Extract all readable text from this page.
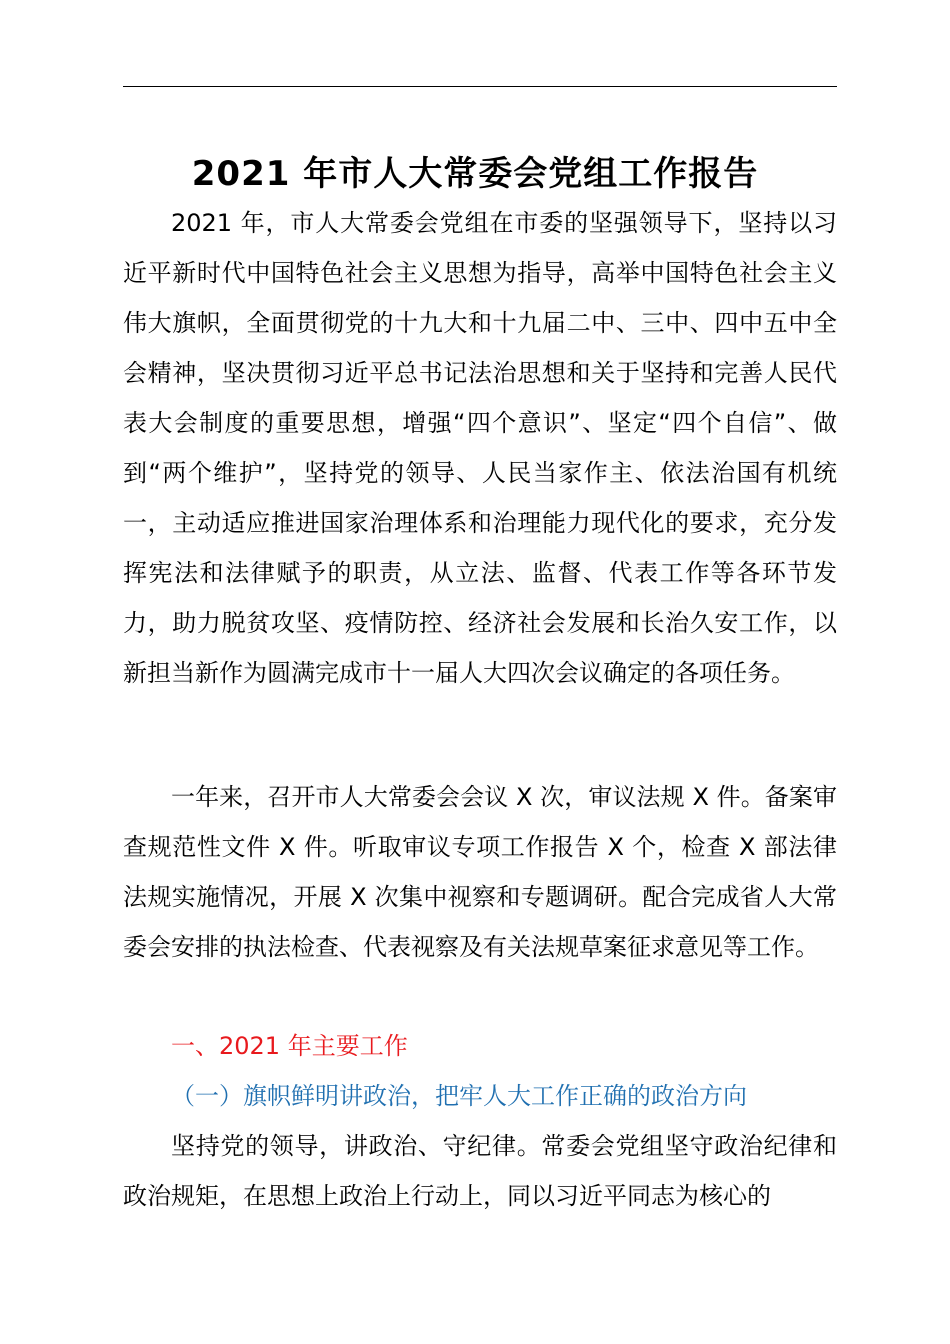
2021 年市人大常委会党组工作报告

2021 年，市人大常委会党组在市委的坚强领导下，坚持以习近平新时代中国特色社会主义思想为指导，高举中国特色社会主义伟大旗帜，全面贯彻党的十九大和十九届二中、三中、四中五中全会精神，坚决贯彻习近平总书记法治思想和关于坚持和完善人民代表大会制度的重要思想，增强“四个意识”、坚定“四个自信”、做到“两个维护”，坚持党的领导、人民当家作主、依法治国有机统一，主动适应推进国家治理体系和治理能力现代化的要求，充分发挥宪法和法律赋予的职责，从立法、监督、代表工作等各环节发力，助力脱贫攻坚、疫情防控、经济社会发展和长治久安工作，以新担当新作为圆满完成市十一届人大四次会议确定的各项任务。

一年来，召开市人大常委会会议 X 次，审议法规 X 件。备案审查规范性文件 X 件。听取审议专项工作报告 X 个，检查 X 部法律法规实施情况，开展 X 次集中视察和专题调研。配合完成省人大常委会安排的执法检查、代表视察及有关法规草案征求意见等工作。

一、2021 年主要工作

（一）旗帜鲜明讲政治，把牢人大工作正确的政治方向

坚持党的领导，讲政治、守纪律。常委会党组坚守政治纪律和政治规矩，在思想上政治上行动上，同以习近平同志为核心的
